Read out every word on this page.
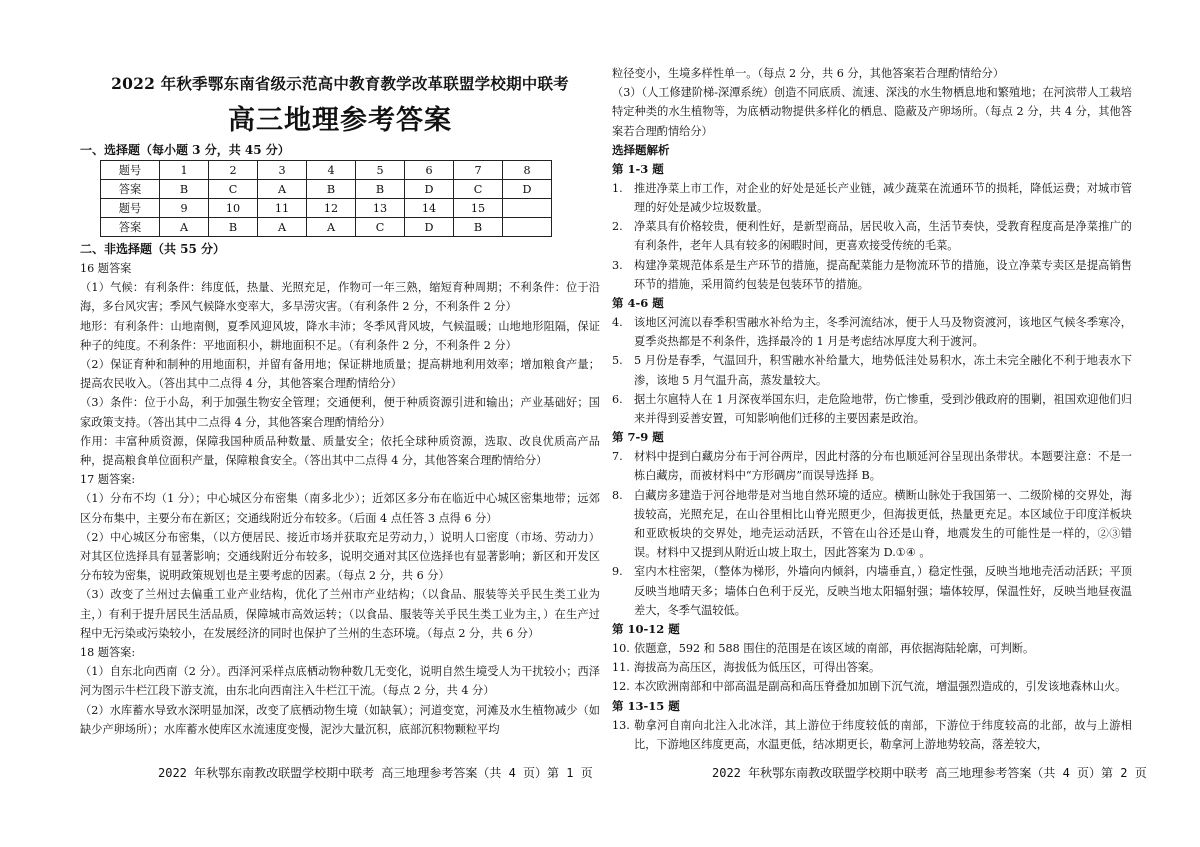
2022 年秋季鄂东南省级示范高中教育教学改革联盟学校期中联考
高三地理参考答案
一、选择题（每小题 3 分，共 45 分）
题号	1	2	3	4	5	6	7	8
答案	B	C	A	B	B	D	C	D
题号	9	10	11	12	13	14	15	
答案	A	B	A	A	C	D	B	
二、非选择题（共 55 分）

16 题答案

（1）气候：有利条件：纬度低，热量、光照充足，作物可一年三熟，缩短育种周期；不利条件：位于沿海，多台风灾害；季风气候降水变率大，多旱涝灾害。（有利条件 2 分，不利条件 2 分）

地形：有利条件：山地南侧，夏季风迎风坡，降水丰沛；冬季风背风坡，气候温暖；山地地形阻隔，保证种子的纯度。不利条件：平地面积小，耕地面积不足。（有利条件 2 分，不利条件 2 分）

（2）保证育种和制种的用地面积，并留有备用地；保证耕地质量；提高耕地利用效率；增加粮食产量；提高农民收入。（答出其中二点得 4 分，其他答案合理酌情给分）

（3）条件：位于小岛，利于加强生物安全管理；交通便利，便于种质资源引进和输出；产业基础好；国家政策支持。（答出其中二点得 4 分，其他答案合理酌情给分）

作用：丰富种质资源，保障我国种质品种数量、质量安全；依托全球种质资源，选取、改良优质高产品种，提高粮食单位面积产量，保障粮食安全。（答出其中二点得 4 分，其他答案合理酌情给分）

17 题答案:

（1）分布不均（1 分）；中心城区分布密集（南多北少）；近郊区多分布在临近中心城区密集地带；远郊区分布集中，主要分布在新区；交通线附近分布较多。（后面 4 点任答 3 点得 6 分）

（2）中心城区分布密集，（以方便居民、接近市场并获取充足劳动力，）说明人口密度（市场、劳动力）对其区位选择具有显著影响；交通线附近分布较多，说明交通对其区位选择也有显著影响；新区和开发区分布较为密集，说明政策规划也是主要考虑的因素。（每点 2 分，共 6 分）

（3）改变了兰州过去偏重工业产业结构，优化了兰州市产业结构；（以食品、服装等关乎民生类工业为主，）有利于提升居民生活品质，保障城市高效运转；（以食品、服装等关乎民生类工业为主，）在生产过程中无污染或污染较小，在发展经济的同时也保护了兰州的生态环境。（每点 2 分，共 6 分）

18 题答案:

（1）自东北向西南（2 分）。西泽河采样点底栖动物种数几无变化，说明自然生境受人为干扰较小；西泽河为图示牛栏江段下游支流，由东北向西南注入牛栏江干流。（每点 2 分，共 4 分）

（2）水库蓄水导致水深明显加深，改变了底栖动物生境（如缺氧）；河道变宽，河滩及水生植物减少（如缺少产卵场所）；水库蓄水使库区水流速度变慢，泥沙大量沉积，底部沉积物颗粒平均

粒径变小，生境多样性单一。（每点 2 分，共 6 分，其他答案若合理酌情给分）

（3）（人工修建阶梯-深潭系统）创造不同底质、流速、深浅的水生物栖息地和繁殖地；在河滨带人工栽培特定种类的水生植物等，为底栖动物提供多样化的栖息、隐蔽及产卵场所。（每点 2 分，共 4 分，其他答案若合理酌情给分）

选择题解析
第 1-3 题
1.	推进净菜上市工作，对企业的好处是延长产业链，减少蔬菜在流通环节的损耗，降低运费；对城市管理的好处是减少垃圾数量。
2.	净菜具有价格较贵，便利性好，是新型商品，居民收入高，生活节奏快，受教育程度高是净菜推广的有利条件，老年人具有较多的闲暇时间，更喜欢接受传统的毛菜。
3.	构建净菜规范体系是生产环节的措施，提高配菜能力是物流环节的措施，设立净菜专卖区是提高销售环节的措施，采用简约包装是包装环节的措施。
第 4-6 题
4.	该地区河流以春季积雪融水补给为主，冬季河流结冰，便于人马及物资渡河，该地区气候冬季寒冷，夏季炎热都是不利条件，选择最冷的 1 月是考虑结冰厚度大利于渡河。
5.	5 月份是春季，气温回升，积雪融水补给量大，地势低洼处易积水，冻土未完全融化不利于地表水下渗，该地 5 月气温升高，蒸发量较大。
6.	据土尔扈特人在 1 月深夜举国东归，走危险地带，伤亡惨重，受到沙俄政府的围剿，祖国欢迎他们归来并得到妥善安置，可知影响他们迁移的主要因素是政治。
第 7-9 题
7.	材料中提到白藏房分布于河谷两岸，因此村落的分布也顺延河谷呈现出条带状。本题要注意：不是一栋白藏房，而被材料中“方形碉房”而误导选择 B。
8.	白藏房多建造于河谷地带是对当地自然环境的适应。横断山脉处于我国第一、二级阶梯的交界处，海拔较高，光照充足，在山谷里相比山脊光照更少，但海拔更低，热量更充足。本区域位于印度洋板块和亚欧板块的交界处，地壳运动活跃，不管在山谷还是山脊，地震发生的可能性是一样的，②③错误。材料中又提到从附近山坡上取土，因此答案为 D.①④ 。
9.	室内木柱密架，（整体为梯形，外墙向内倾斜，内墙垂直，）稳定性强，反映当地地壳活动活跃；平顶反映当地晴天多；墙体白色利于反光，反映当地太阳辐射强；墙体较厚，保温性好，反映当地昼夜温差大，冬季气温较低。
第 10-12 题
10. 依题意，592 和 588 围住的范围是在该区域的南部，再依据海陆轮廓，可判断。
11. 海拔高为高压区，海拔低为低压区，可得出答案。
12. 本次欧洲南部和中部高温是副高和高压脊叠加加剧下沉气流，增温强烈造成的，引发该地森林山火。
第 13-15 题
13. 勒拿河自南向北注入北冰洋，其上游位于纬度较低的南部，下游位于纬度较高的北部，故与上游相比，下游地区纬度更高，水温更低，结冰期更长，勒拿河上游地势较高，落差较大，
2022 年秋鄂东南教改联盟学校期中联考 高三地理参考答案（共 4 页）第 1 页	2022 年秋鄂东南教改联盟学校期中联考 高三地理参考答案（共 4 页）第 2 页
